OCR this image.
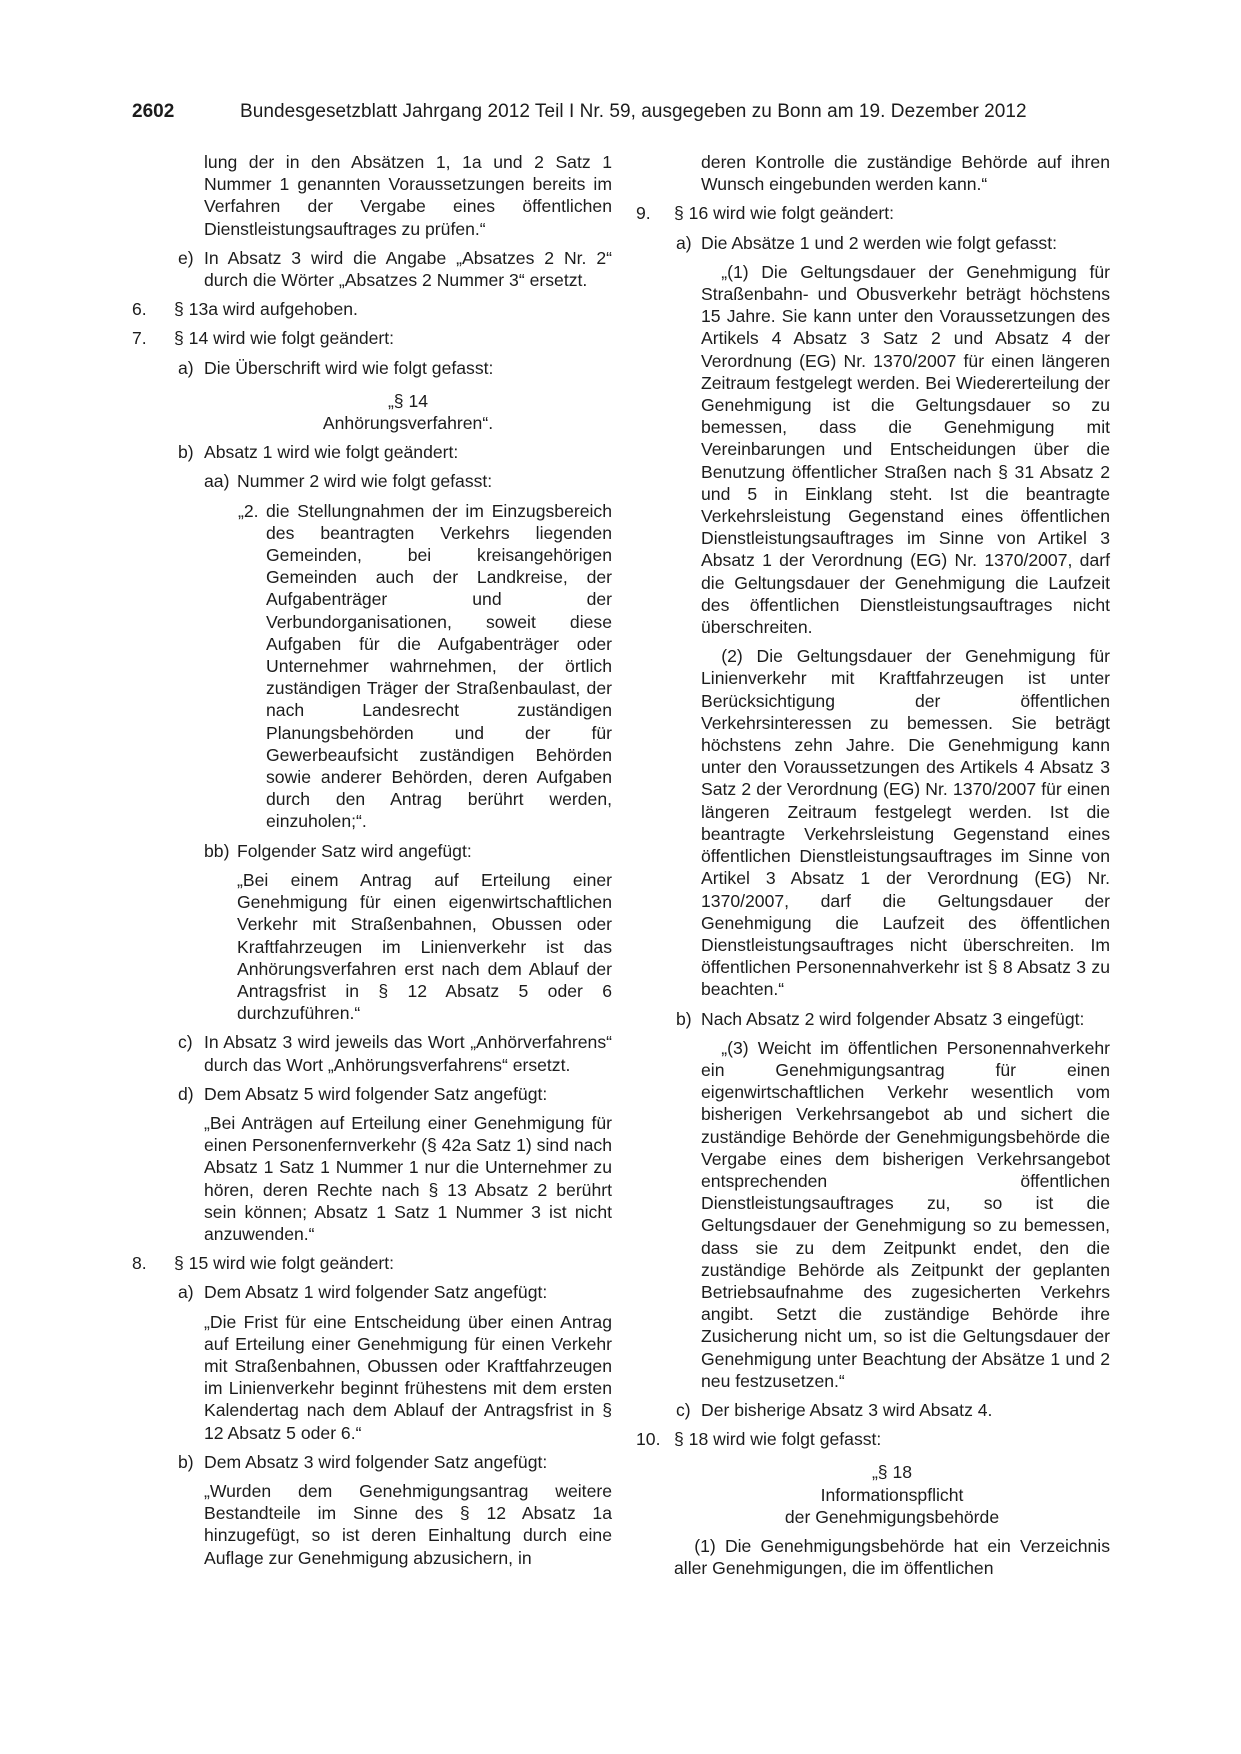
2602	Bundesgesetzblatt Jahrgang 2012 Teil I Nr. 59, ausgegeben zu Bonn am 19. Dezember 2012

lung der in den Absätzen 1, 1a und 2 Satz 1 Nummer 1 genannten Voraussetzungen bereits im Verfahren der Vergabe eines öffentlichen Dienstleistungsauftrages zu prüfen.“

e) In Absatz 3 wird die Angabe „Absatzes 2 Nr. 2“ durch die Wörter „Absatzes 2 Nummer 3“ ersetzt.
6. § 13a wird aufgehoben.
7. § 14 wird wie folgt geändert:
a) Die Überschrift wird wie folgt gefasst:

„§ 14

Anhörungsverfahren“.

b) Absatz 1 wird wie folgt geändert:
aa) Nummer 2 wird wie folgt gefasst:
„2. die Stellungnahmen der im Einzugsbereich des beantragten Verkehrs liegenden Gemeinden, bei kreisangehörigen Gemeinden auch der Landkreise, der Aufgabenträger und der Verbundorganisationen, soweit diese Aufgaben für die Aufgabenträger oder Unternehmer wahrnehmen, der örtlich zuständigen Träger der Straßenbaulast, der nach Landesrecht zuständigen Planungsbehörden und der für Gewerbeaufsicht zuständigen Behörden sowie anderer Behörden, deren Aufgaben durch den Antrag berührt werden, einzuholen;“.
bb) Folgender Satz wird angefügt:

„Bei einem Antrag auf Erteilung einer Genehmigung für einen eigenwirtschaftlichen Verkehr mit Straßenbahnen, Obussen oder Kraftfahrzeugen im Linienverkehr ist das Anhörungsverfahren erst nach dem Ablauf der Antragsfrist in § 12 Absatz 5 oder 6 durchzuführen.“

c) In Absatz 3 wird jeweils das Wort „Anhörverfahrens“ durch das Wort „Anhörungsverfahrens“ ersetzt.
d) Dem Absatz 5 wird folgender Satz angefügt:

„Bei Anträgen auf Erteilung einer Genehmigung für einen Personenfernverkehr (§ 42a Satz 1) sind nach Absatz 1 Satz 1 Nummer 1 nur die Unternehmer zu hören, deren Rechte nach § 13 Absatz 2 berührt sein können; Absatz 1 Satz 1 Nummer 3 ist nicht anzuwenden.“

8. § 15 wird wie folgt geändert:
a) Dem Absatz 1 wird folgender Satz angefügt:

„Die Frist für eine Entscheidung über einen Antrag auf Erteilung einer Genehmigung für einen Verkehr mit Straßenbahnen, Obussen oder Kraftfahrzeugen im Linienverkehr beginnt frühestens mit dem ersten Kalendertag nach dem Ablauf der Antragsfrist in § 12 Absatz 5 oder 6.“

b) Dem Absatz 3 wird folgender Satz angefügt:

„Wurden dem Genehmigungsantrag weitere Bestandteile im Sinne des § 12 Absatz 1a hinzugefügt, so ist deren Einhaltung durch eine Auflage zur Genehmigung abzusichern, in

deren Kontrolle die zuständige Behörde auf ihren Wunsch eingebunden werden kann.“

9. § 16 wird wie folgt geändert:
a) Die Absätze 1 und 2 werden wie folgt gefasst:

„(1) Die Geltungsdauer der Genehmigung für Straßenbahn- und Obusverkehr beträgt höchstens 15 Jahre. Sie kann unter den Voraussetzungen des Artikels 4 Absatz 3 Satz 2 und Absatz 4 der Verordnung (EG) Nr. 1370/2007 für einen längeren Zeitraum festgelegt werden. Bei Wiedererteilung der Genehmigung ist die Geltungsdauer so zu bemessen, dass die Genehmigung mit Vereinbarungen und Entscheidungen über die Benutzung öffentlicher Straßen nach § 31 Absatz 2 und 5 in Einklang steht. Ist die beantragte Verkehrsleistung Gegenstand eines öffentlichen Dienstleistungsauftrages im Sinne von Artikel 3 Absatz 1 der Verordnung (EG) Nr. 1370/2007, darf die Geltungsdauer der Genehmigung die Laufzeit des öffentlichen Dienstleistungsauftrages nicht überschreiten.

(2) Die Geltungsdauer der Genehmigung für Linienverkehr mit Kraftfahrzeugen ist unter Berücksichtigung der öffentlichen Verkehrsinteressen zu bemessen. Sie beträgt höchstens zehn Jahre. Die Genehmigung kann unter den Voraussetzungen des Artikels 4 Absatz 3 Satz 2 der Verordnung (EG) Nr. 1370/2007 für einen längeren Zeitraum festgelegt werden. Ist die beantragte Verkehrsleistung Gegenstand eines öffentlichen Dienstleistungsauftrages im Sinne von Artikel 3 Absatz 1 der Verordnung (EG) Nr. 1370/2007, darf die Geltungsdauer der Genehmigung die Laufzeit des öffentlichen Dienstleistungsauftrages nicht überschreiten. Im öffentlichen Personennahverkehr ist § 8 Absatz 3 zu beachten.“

b) Nach Absatz 2 wird folgender Absatz 3 eingefügt:

„(3) Weicht im öffentlichen Personennahverkehr ein Genehmigungsantrag für einen eigenwirtschaftlichen Verkehr wesentlich vom bisherigen Verkehrsangebot ab und sichert die zuständige Behörde der Genehmigungsbehörde die Vergabe eines dem bisherigen Verkehrsangebot entsprechenden öffentlichen Dienstleistungsauftrages zu, so ist die Geltungsdauer der Genehmigung so zu bemessen, dass sie zu dem Zeitpunkt endet, den die zuständige Behörde als Zeitpunkt der geplanten Betriebsaufnahme des zugesicherten Verkehrs angibt. Setzt die zuständige Behörde ihre Zusicherung nicht um, so ist die Geltungsdauer der Genehmigung unter Beachtung der Absätze 1 und 2 neu festzusetzen.“

c) Der bisherige Absatz 3 wird Absatz 4.
10. § 18 wird wie folgt gefasst:

„§ 18

Informationspflicht

der Genehmigungsbehörde

(1) Die Genehmigungsbehörde hat ein Verzeichnis aller Genehmigungen, die im öffentlichen
